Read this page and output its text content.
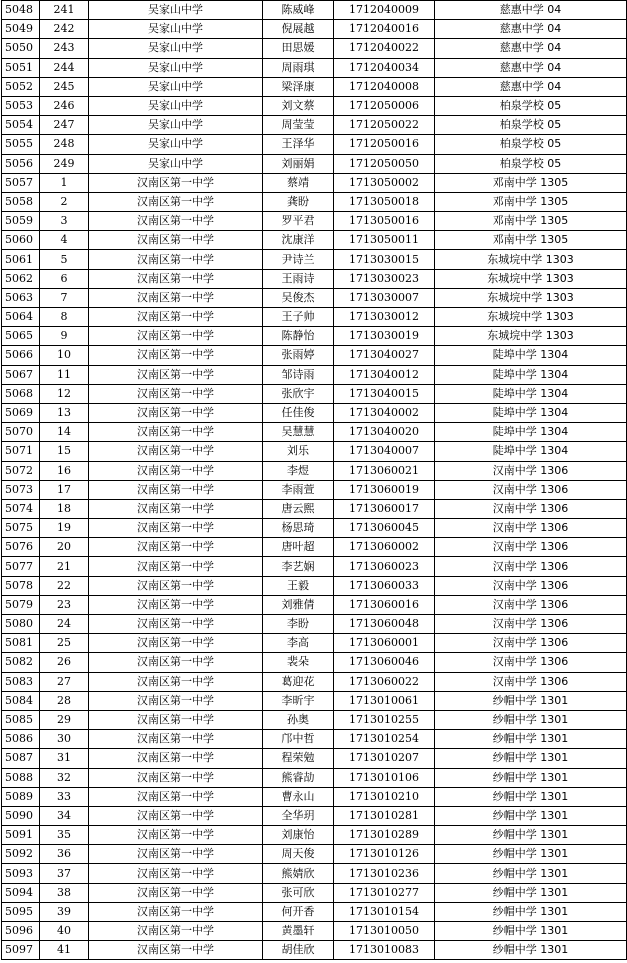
5048	241	吴家山中学	陈威峰	1712040009	慈惠中学 04
5049	242	吴家山中学	倪展越	1712040016	慈惠中学 04
5050	243	吴家山中学	田思媛	1712040022	慈惠中学 04
5051	244	吴家山中学	周雨琪	1712040034	慈惠中学 04
5052	245	吴家山中学	梁泽康	1712040008	慈惠中学 04
5053	246	吴家山中学	刘文蔡	1712050006	柏泉学校 05
5054	247	吴家山中学	周莹莹	1712050022	柏泉学校 05
5055	248	吴家山中学	王泽华	1712050016	柏泉学校 05
5056	249	吴家山中学	刘丽娟	1712050050	柏泉学校 05
5057	1	汉南区第一中学	蔡靖	1713050002	邓南中学 1305
5058	2	汉南区第一中学	龚盼	1713050018	邓南中学 1305
5059	3	汉南区第一中学	罗平君	1713050016	邓南中学 1305
5060	4	汉南区第一中学	沈康洋	1713050011	邓南中学 1305
5061	5	汉南区第一中学	尹诗兰	1713030015	东城垸中学 1303
5062	6	汉南区第一中学	王雨诗	1713030023	东城垸中学 1303
5063	7	汉南区第一中学	吴俊杰	1713030007	东城垸中学 1303
5064	8	汉南区第一中学	王子帅	1713030012	东城垸中学 1303
5065	9	汉南区第一中学	陈静怡	1713030019	东城垸中学 1303
5066	10	汉南区第一中学	张雨婷	1713040027	陡埠中学 1304
5067	11	汉南区第一中学	邹诗雨	1713040012	陡埠中学 1304
5068	12	汉南区第一中学	张欣宇	1713040015	陡埠中学 1304
5069	13	汉南区第一中学	任佳俊	1713040002	陡埠中学 1304
5070	14	汉南区第一中学	吴慧慧	1713040020	陡埠中学 1304
5071	15	汉南区第一中学	刘乐	1713040007	陡埠中学 1304
5072	16	汉南区第一中学	李煜	1713060021	汉南中学 1306
5073	17	汉南区第一中学	李雨萱	1713060019	汉南中学 1306
5074	18	汉南区第一中学	唐云熙	1713060017	汉南中学 1306
5075	19	汉南区第一中学	杨思琦	1713060045	汉南中学 1306
5076	20	汉南区第一中学	唐叶超	1713060002	汉南中学 1306
5077	21	汉南区第一中学	李艺娴	1713060023	汉南中学 1306
5078	22	汉南区第一中学	王毅	1713060033	汉南中学 1306
5079	23	汉南区第一中学	刘雅倩	1713060016	汉南中学 1306
5080	24	汉南区第一中学	李盼	1713060048	汉南中学 1306
5081	25	汉南区第一中学	李高	1713060001	汉南中学 1306
5082	26	汉南区第一中学	裴朵	1713060046	汉南中学 1306
5083	27	汉南区第一中学	葛迎花	1713060022	汉南中学 1306
5084	28	汉南区第一中学	李昕宇	1713010061	纱帽中学 1301
5085	29	汉南区第一中学	孙奥	1713010255	纱帽中学 1301
5086	30	汉南区第一中学	邝中哲	1713010254	纱帽中学 1301
5087	31	汉南区第一中学	程荣勉	1713010207	纱帽中学 1301
5088	32	汉南区第一中学	熊睿劼	1713010106	纱帽中学 1301
5089	33	汉南区第一中学	曹永山	1713010210	纱帽中学 1301
5090	34	汉南区第一中学	全华玥	1713010281	纱帽中学 1301
5091	35	汉南区第一中学	刘康怡	1713010289	纱帽中学 1301
5092	36	汉南区第一中学	周天俊	1713010126	纱帽中学 1301
5093	37	汉南区第一中学	熊婧欣	1713010236	纱帽中学 1301
5094	38	汉南区第一中学	张可欣	1713010277	纱帽中学 1301
5095	39	汉南区第一中学	何开香	1713010154	纱帽中学 1301
5096	40	汉南区第一中学	黄墨轩	1713010050	纱帽中学 1301
5097	41	汉南区第一中学	胡佳欣	1713010083	纱帽中学 1301
